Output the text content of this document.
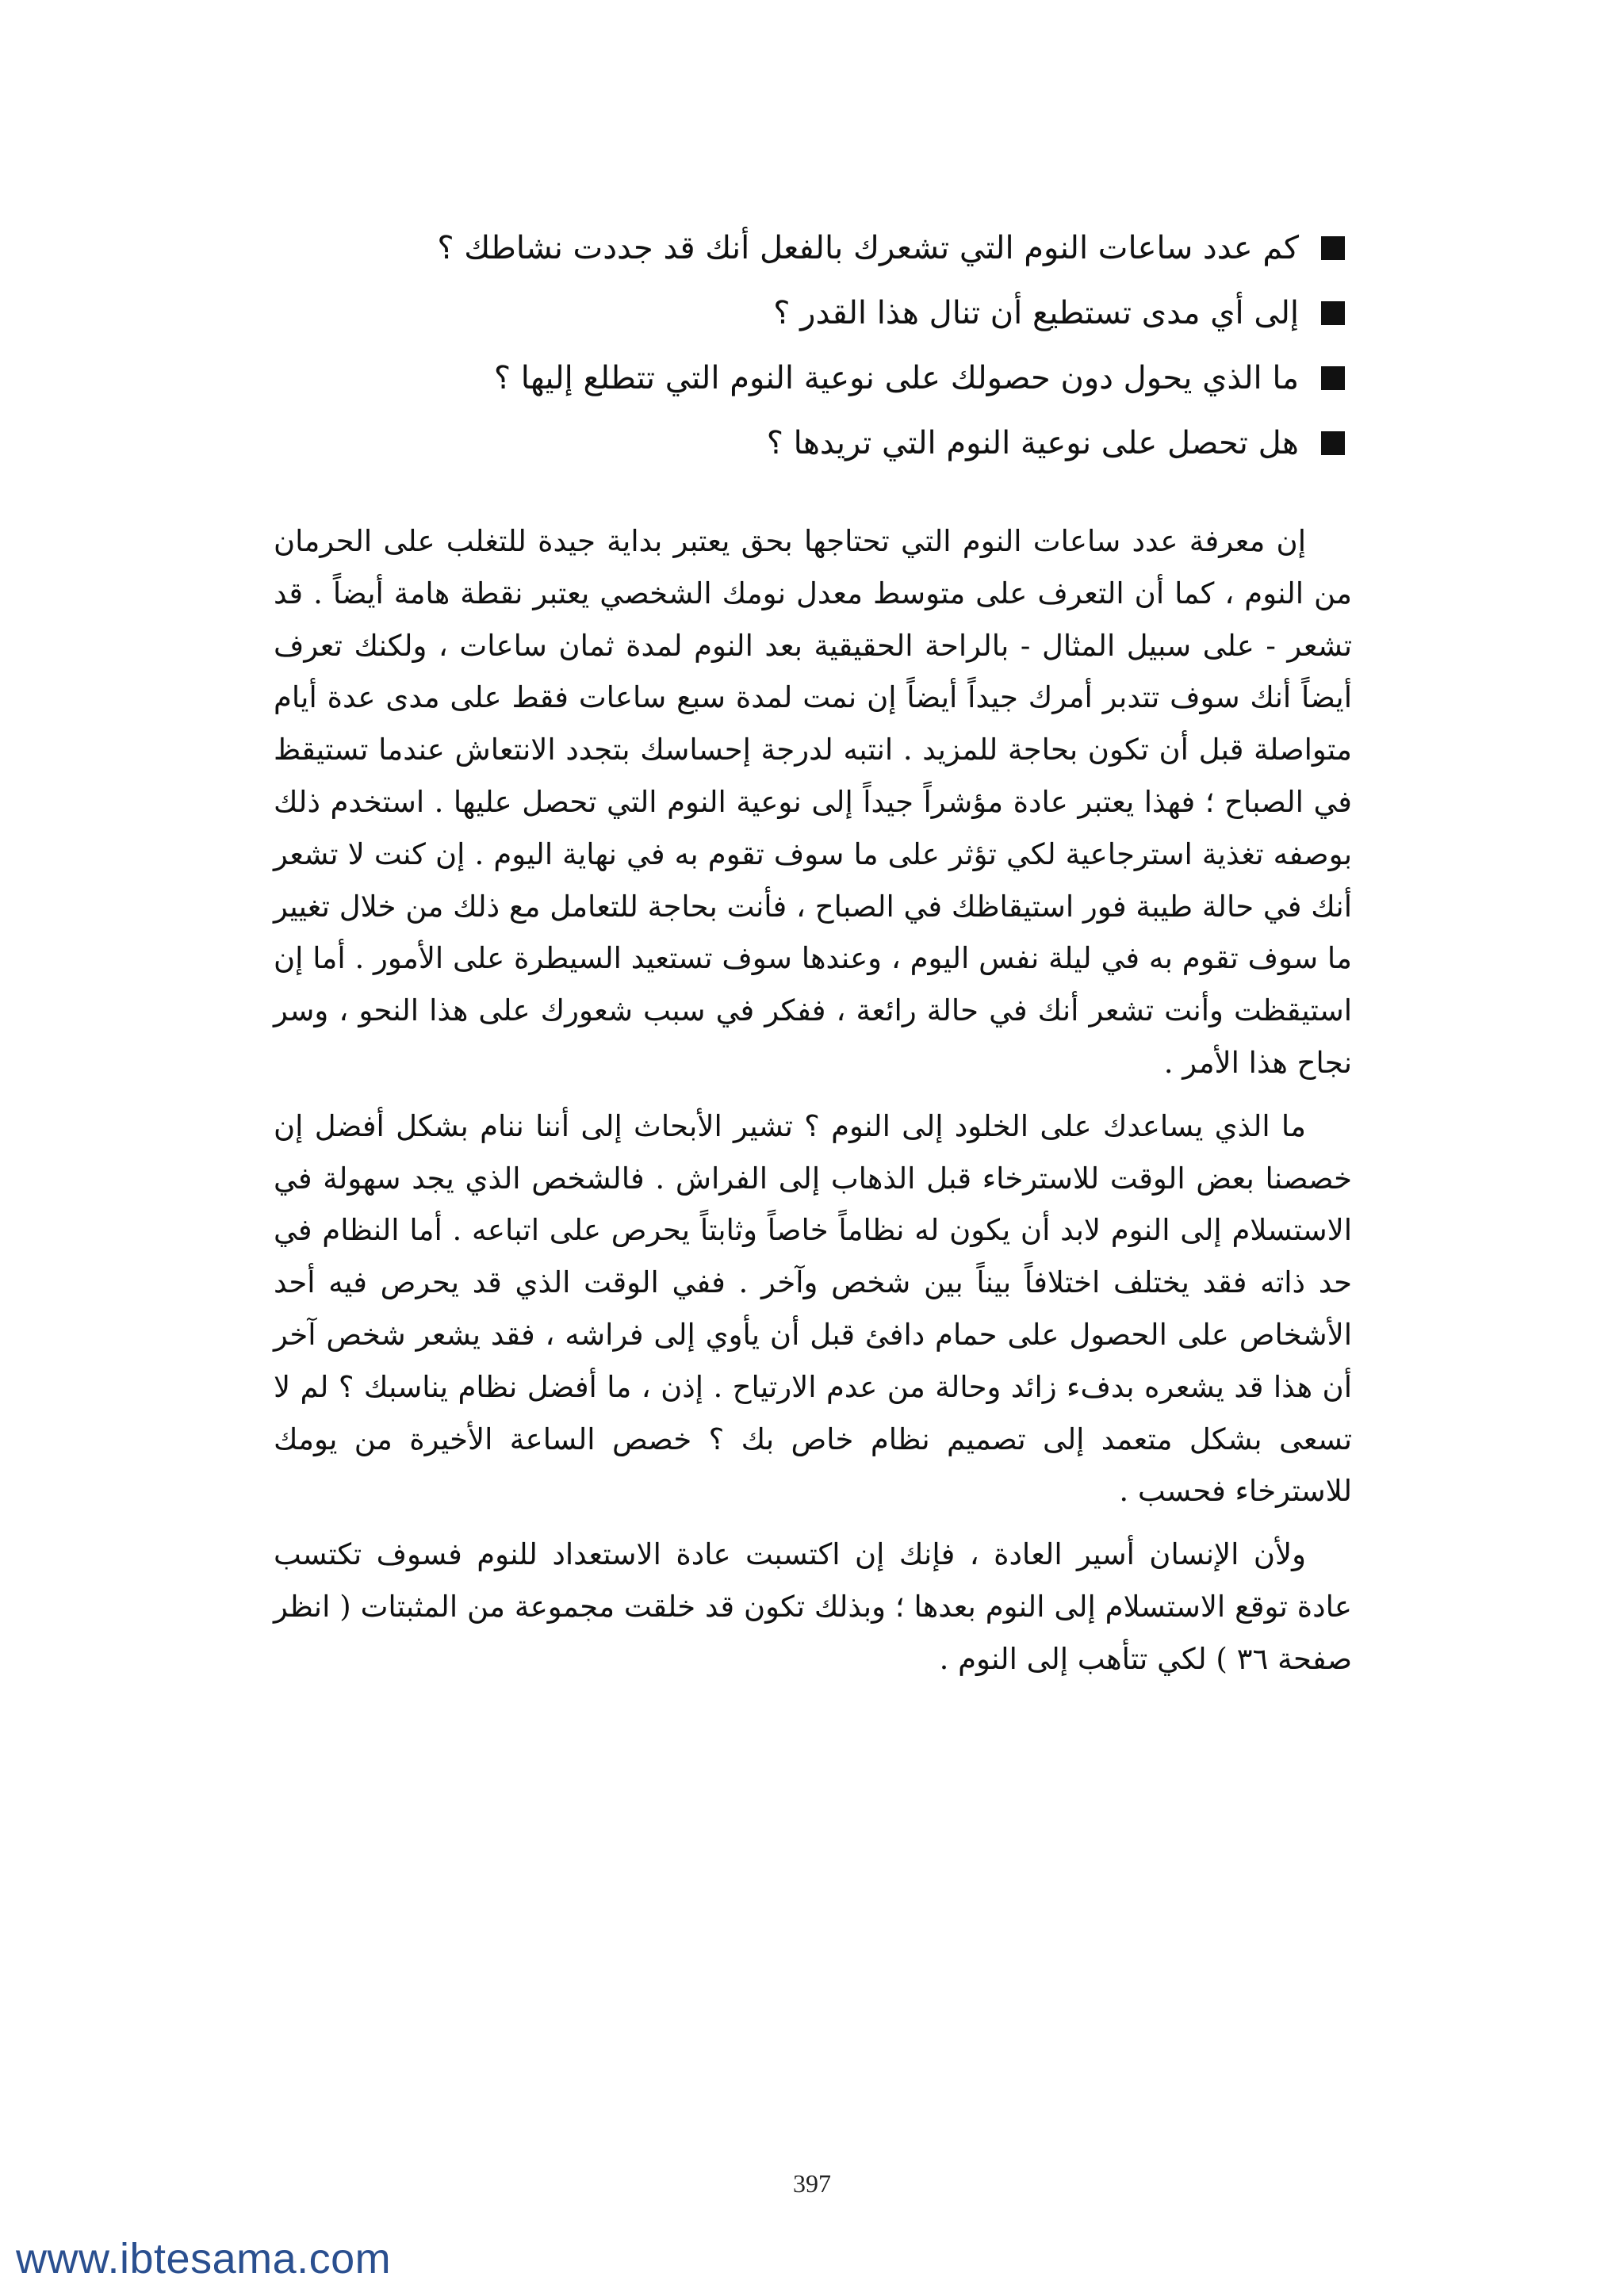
كم عدد ساعات النوم التي تشعرك بالفعل أنك قد جددت نشاطك ؟
إلى أي مدى تستطيع أن تنال هذا القدر ؟
ما الذي يحول دون حصولك على نوعية النوم التي تتطلع إليها ؟
هل تحصل على نوعية النوم التي تريدها ؟

إن معرفة عدد ساعات النوم التي تحتاجها بحق يعتبر بداية جيدة للتغلب على الحرمان من النوم ، كما أن التعرف على متوسط معدل نومك الشخصي يعتبر نقطة هامة أيضاً . قد تشعر - على سبيل المثال - بالراحة الحقيقية بعد النوم لمدة ثمان ساعات ، ولكنك تعرف أيضاً أنك سوف تتدبر أمرك جيداً أيضاً إن نمت لمدة سبع ساعات فقط على مدى عدة أيام متواصلة قبل أن تكون بحاجة للمزيد . انتبه لدرجة إحساسك بتجدد الانتعاش عندما تستيقظ في الصباح ؛ فهذا يعتبر عادة مؤشراً جيداً إلى نوعية النوم التي تحصل عليها . استخدم ذلك بوصفه تغذية استرجاعية لكي تؤثر على ما سوف تقوم به في نهاية اليوم . إن كنت لا تشعر أنك في حالة طيبة فور استيقاظك في الصباح ، فأنت بحاجة للتعامل مع ذلك من خلال تغيير ما سوف تقوم به في ليلة نفس اليوم ، وعندها سوف تستعيد السيطرة على الأمور . أما إن استيقظت وأنت تشعر أنك في حالة رائعة ، ففكر في سبب شعورك على هذا النحو ، وسر نجاح هذا الأمر .

ما الذي يساعدك على الخلود إلى النوم ؟ تشير الأبحاث إلى أننا ننام بشكل أفضل إن خصصنا بعض الوقت للاسترخاء قبل الذهاب إلى الفراش . فالشخص الذي يجد سهولة في الاستسلام إلى النوم لابد أن يكون له نظاماً خاصاً وثابتاً يحرص على اتباعه . أما النظام في حد ذاته فقد يختلف اختلافاً بيناً بين شخص وآخر . ففي الوقت الذي قد يحرص فيه أحد الأشخاص على الحصول على حمام دافئ قبل أن يأوي إلى فراشه ، فقد يشعر شخص آخر أن هذا قد يشعره بدفء زائد وحالة من عدم الارتياح . إذن ، ما أفضل نظام يناسبك ؟ لم لا تسعى بشكل متعمد إلى تصميم نظام خاص بك ؟ خصص الساعة الأخيرة من يومك للاسترخاء فحسب .

ولأن الإنسان أسير العادة ، فإنك إن اكتسبت عادة الاستعداد للنوم فسوف تكتسب عادة توقع الاستسلام إلى النوم بعدها ؛ وبذلك تكون قد خلقت مجموعة من المثبتات ( انظر صفحة ٣٦ ) لكي تتأهب إلى النوم .

397
www.ibtesama.com
